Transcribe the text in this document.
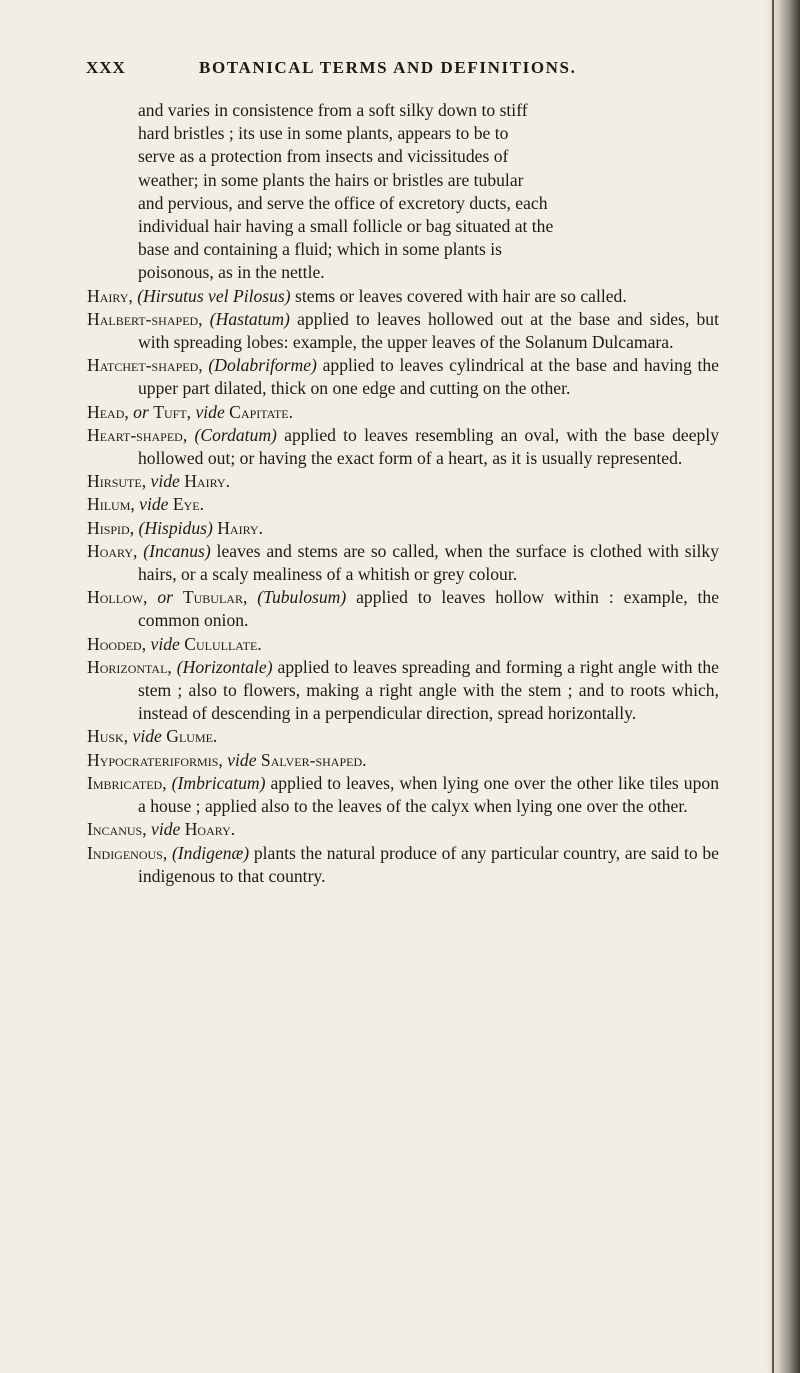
XXX	BOTANICAL TERMS AND DEFINITIONS.

and varies in consistence from a soft silky down to stiff
hard bristles ; its use in some plants, appears to be to
serve as a protection from insects and vicissitudes of
weather; in some plants the hairs or bristles are tubular
and pervious, and serve the office of excretory ducts, each
individual hair having a small follicle or bag situated at the
base and containing a fluid; which in some plants is
poisonous, as in the nettle.

Hairy, (Hirsutus vel Pilosus) stems or leaves covered with hair are so called.

Halbert-shaped, (Hastatum) applied to leaves hollowed out at the base and sides, but with spreading lobes: example, the upper leaves of the Solanum Dulcamara.

Hatchet-shaped, (Dolabriforme) applied to leaves cylindrical at the base and having the upper part dilated, thick on one edge and cutting on the other.

Head, or Tuft, vide Capitate.

Heart-shaped, (Cordatum) applied to leaves resembling an oval, with the base deeply hollowed out; or having the exact form of a heart, as it is usually represented.

Hirsute, vide Hairy.

Hilum, vide Eye.

Hispid, (Hispidus) Hairy.

Hoary, (Incanus) leaves and stems are so called, when the surface is clothed with silky hairs, or a scaly mealiness of a whitish or grey colour.

Hollow, or Tubular, (Tubulosum) applied to leaves hollow within : example, the common onion.

Hooded, vide Culullate.

Horizontal, (Horizontale) applied to leaves spreading and forming a right angle with the stem ; also to flowers, making a right angle with the stem ; and to roots which, instead of descending in a perpendicular direction, spread horizontally.

Husk, vide Glume.

Hypocrateriformis, vide Salver-shaped.

Imbricated, (Imbricatum) applied to leaves, when lying one over the other like tiles upon a house ; applied also to the leaves of the calyx when lying one over the other.

Incanus, vide Hoary.

Indigenous, (Indigenæ) plants the natural produce of any particular country, are said to be indigenous to that country.
